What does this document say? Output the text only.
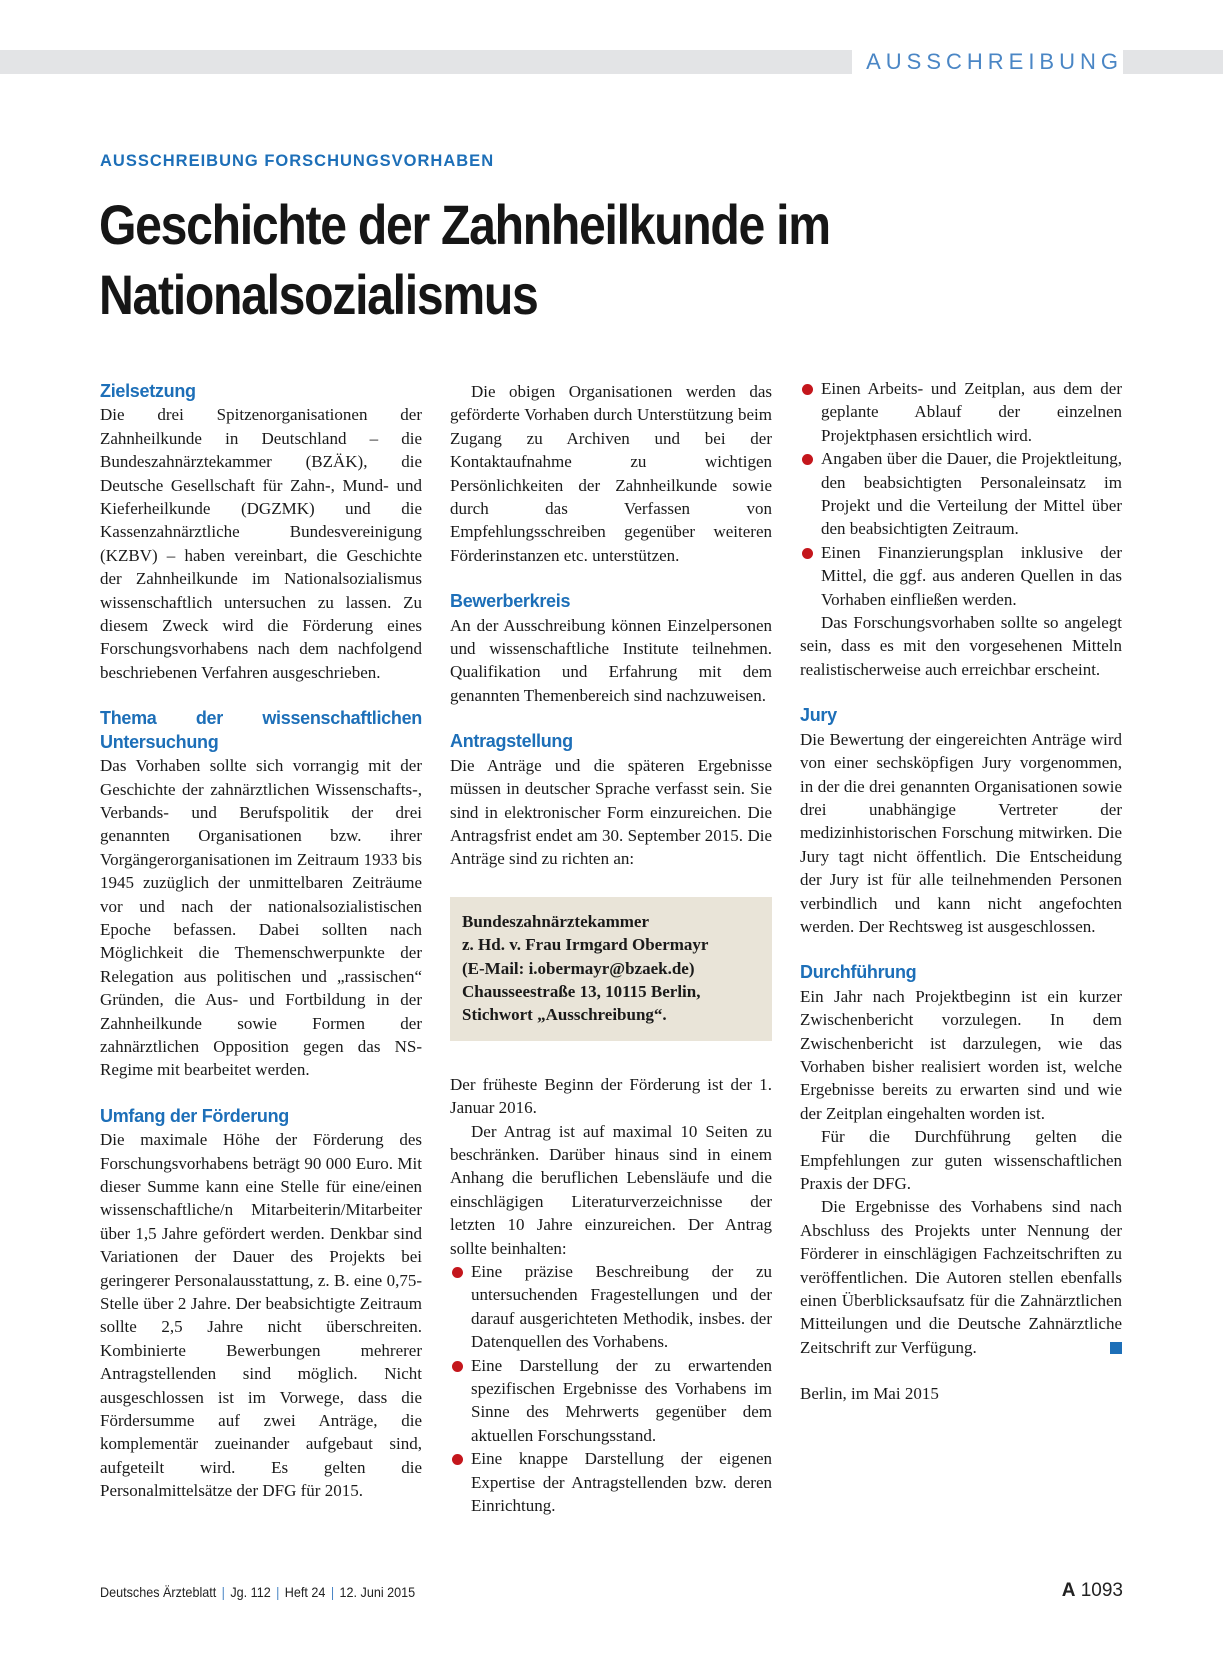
AUSSCHREIBUNG
AUSSCHREIBUNG FORSCHUNGSVORHABEN
Geschichte der Zahnheilkunde im Nationalsozialismus
Zielsetzung

Die drei Spitzenorganisationen der Zahnheilkunde in Deutschland – die Bundeszahnärztekammer (BZÄK), die Deutsche Gesellschaft für Zahn-, Mund- und Kieferheilkunde (DGZMK) und die Kassenzahnärztliche Bundesvereinigung (KZBV) – haben vereinbart, die Geschichte der Zahnheilkunde im Nationalsozialismus wissenschaftlich untersuchen zu lassen. Zu diesem Zweck wird die Förderung eines Forschungsvorhabens nach dem nachfolgend beschriebenen Verfahren ausgeschrieben.

Thema der wissenschaftlichen Untersuchung

Das Vorhaben sollte sich vorrangig mit der Geschichte der zahnärztlichen Wissenschafts-, Verbands- und Berufspolitik der drei genannten Organisationen bzw. ihrer Vorgängerorganisationen im Zeitraum 1933 bis 1945 zuzüglich der unmittelbaren Zeiträume vor und nach der nationalsozialistischen Epoche befassen. Dabei sollten nach Möglichkeit die Themenschwerpunkte der Relegation aus politischen und „rassischen“ Gründen, die Aus- und Fortbildung in der Zahnheilkunde sowie Formen der zahnärztlichen Opposition gegen das NS-Regime mit bearbeitet werden.

Umfang der Förderung

Die maximale Höhe der Förderung des Forschungsvorhabens beträgt 90 000 Euro. Mit dieser Summe kann eine Stelle für eine/einen wissenschaftliche/n Mitarbeiterin/Mitarbeiter über 1,5 Jahre gefördert werden. Denkbar sind Variationen der Dauer des Projekts bei geringerer Personalausstattung, z. B. eine 0,75-Stelle über 2 Jahre. Der beabsichtigte Zeitraum sollte 2,5 Jahre nicht überschreiten. Kombinierte Bewerbungen mehrerer Antragstellenden sind möglich. Nicht ausgeschlossen ist im Vorwege, dass die Fördersumme auf zwei Anträge, die komplementär zueinander aufgebaut sind, aufgeteilt wird. Es gelten die Personalmittelsätze der DFG für 2015.

Die obigen Organisationen werden das geförderte Vorhaben durch Unterstützung beim Zugang zu Archiven und bei der Kontaktaufnahme zu wichtigen Persönlichkeiten der Zahnheilkunde sowie durch das Verfassen von Empfehlungsschreiben gegenüber weiteren Förderinstanzen etc. unterstützen.

Bewerberkreis

An der Ausschreibung können Einzelpersonen und wissenschaftliche Institute teilnehmen. Qualifikation und Erfahrung mit dem genannten Themenbereich sind nachzuweisen.

Antragstellung

Die Anträge und die späteren Ergebnisse müssen in deutscher Sprache verfasst sein. Sie sind in elektronischer Form einzureichen. Die Antragsfrist endet am 30. September 2015. Die Anträge sind zu richten an:

Bundeszahnärztekammer
z. Hd. v. Frau Irmgard Obermayr
(E-Mail: i.obermayr@bzaek.de)
Chausseestraße 13, 10115 Berlin,
Stichwort „Ausschreibung“.

Der früheste Beginn der Förderung ist der 1. Januar 2016.

Der Antrag ist auf maximal 10 Seiten zu beschränken. Darüber hinaus sind in einem Anhang die beruflichen Lebensläufe und die einschlägigen Literaturverzeichnisse der letzten 10 Jahre einzureichen. Der Antrag sollte beinhalten:

Eine präzise Beschreibung der zu untersuchenden Fragestellungen und der darauf ausgerichteten Methodik, insbes. der Datenquellen des Vorhabens.
Eine Darstellung der zu erwartenden spezifischen Ergebnisse des Vorhabens im Sinne des Mehrwerts gegenüber dem aktuellen Forschungsstand.
Eine knappe Darstellung der eigenen Expertise der Antragstellenden bzw. deren Einrichtung.
Einen Arbeits- und Zeitplan, aus dem der geplante Ablauf der einzelnen Projektphasen ersichtlich wird.
Angaben über die Dauer, die Projektleitung, den beabsichtigten Personaleinsatz im Projekt und die Verteilung der Mittel über den beabsichtigten Zeitraum.
Einen Finanzierungsplan inklusive der Mittel, die ggf. aus anderen Quellen in das Vorhaben einfließen werden.

Das Forschungsvorhaben sollte so angelegt sein, dass es mit den vorgesehenen Mitteln realistischerweise auch erreichbar erscheint.

Jury

Die Bewertung der eingereichten Anträge wird von einer sechsköpfigen Jury vorgenommen, in der die drei genannten Organisationen sowie drei unabhängige Vertreter der medizinhistorischen Forschung mitwirken. Die Jury tagt nicht öffentlich. Die Entscheidung der Jury ist für alle teilnehmenden Personen verbindlich und kann nicht angefochten werden. Der Rechtsweg ist ausgeschlossen.

Durchführung

Ein Jahr nach Projektbeginn ist ein kurzer Zwischenbericht vorzulegen. In dem Zwischenbericht ist darzulegen, wie das Vorhaben bisher realisiert worden ist, welche Ergebnisse bereits zu erwarten sind und wie der Zeitplan eingehalten worden ist.

Für die Durchführung gelten die Empfehlungen zur guten wissenschaftlichen Praxis der DFG.

Die Ergebnisse des Vorhabens sind nach Abschluss des Projekts unter Nennung der Förderer in einschlägigen Fachzeitschriften zu veröffentlichen. Die Autoren stellen ebenfalls einen Überblicksaufsatz für die Zahnärztlichen Mitteilungen und die Deutsche Zahnärztliche Zeitschrift zur Verfügung.

Berlin, im Mai 2015

Deutsches Ärzteblatt | Jg. 112 | Heft 24 | 12. Juni 2015	A 1093
